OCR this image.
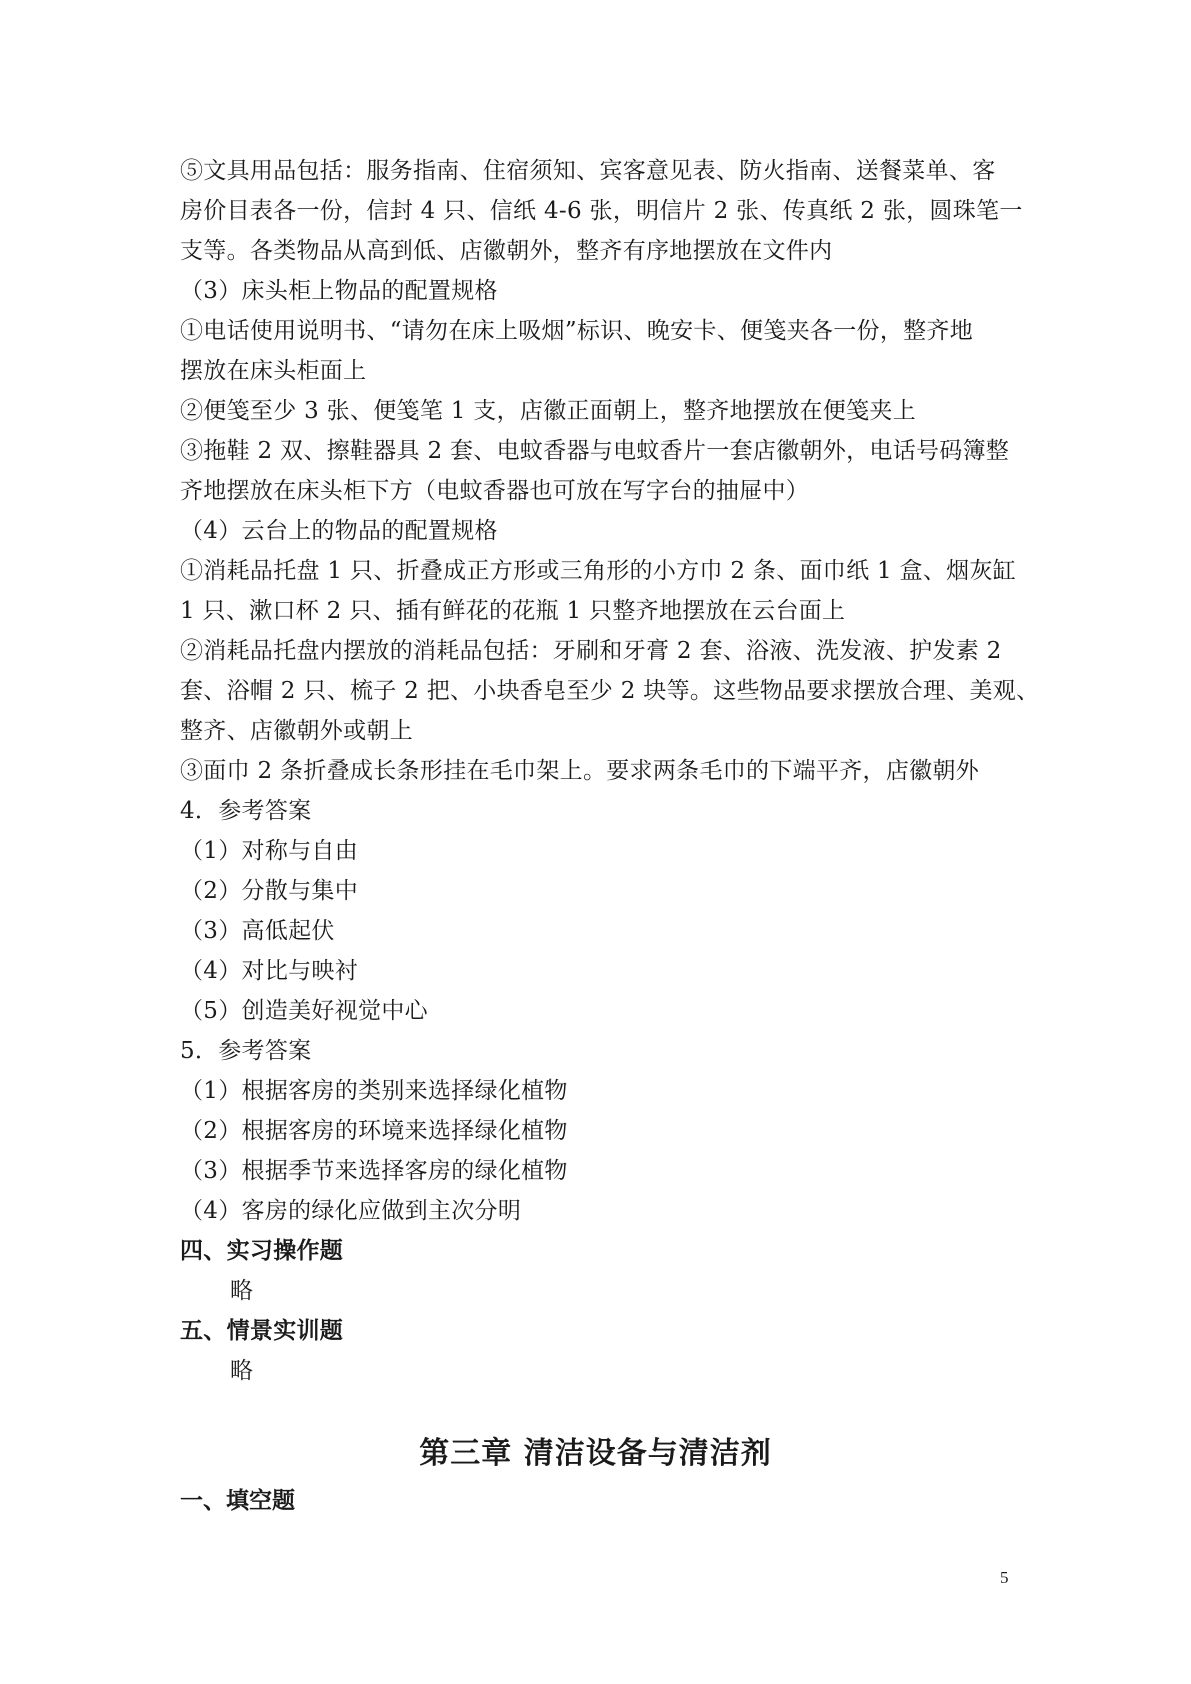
⑤文具用品包括：服务指南、住宿须知、宾客意见表、防火指南、送餐菜单、客
房价目表各一份，信封 4 只、信纸 4-6 张，明信片 2 张、传真纸 2 张，圆珠笔一
支等。各类物品从高到低、店徽朝外，整齐有序地摆放在文件内
（3）床头柜上物品的配置规格
①电话使用说明书、“请勿在床上吸烟”标识、晚安卡、便笺夹各一份，整齐地
摆放在床头柜面上
②便笺至少 3 张、便笺笔 1 支，店徽正面朝上，整齐地摆放在便笺夹上
③拖鞋 2 双、擦鞋器具 2 套、电蚊香器与电蚊香片一套店徽朝外，电话号码簿整
齐地摆放在床头柜下方（电蚊香器也可放在写字台的抽屉中）
（4）云台上的物品的配置规格
①消耗品托盘 1 只、折叠成正方形或三角形的小方巾 2 条、面巾纸 1 盒、烟灰缸
1 只、漱口杯 2 只、插有鲜花的花瓶 1 只整齐地摆放在云台面上
②消耗品托盘内摆放的消耗品包括：牙刷和牙膏 2 套、浴液、洗发液、护发素 2
套、浴帽 2 只、梳子 2 把、小块香皂至少 2 块等。这些物品要求摆放合理、美观、
整齐、店徽朝外或朝上
③面巾 2 条折叠成长条形挂在毛巾架上。要求两条毛巾的下端平齐，店徽朝外
4．参考答案
（1）对称与自由
（2）分散与集中
（3）高低起伏
（4）对比与映衬
（5）创造美好视觉中心
5．参考答案
（1）根据客房的类别来选择绿化植物
（2）根据客房的环境来选择绿化植物
（3）根据季节来选择客房的绿化植物
（4）客房的绿化应做到主次分明
四、实习操作题
略
五、情景实训题
略
第三章 清洁设备与清洁剂
一、填空题
5
